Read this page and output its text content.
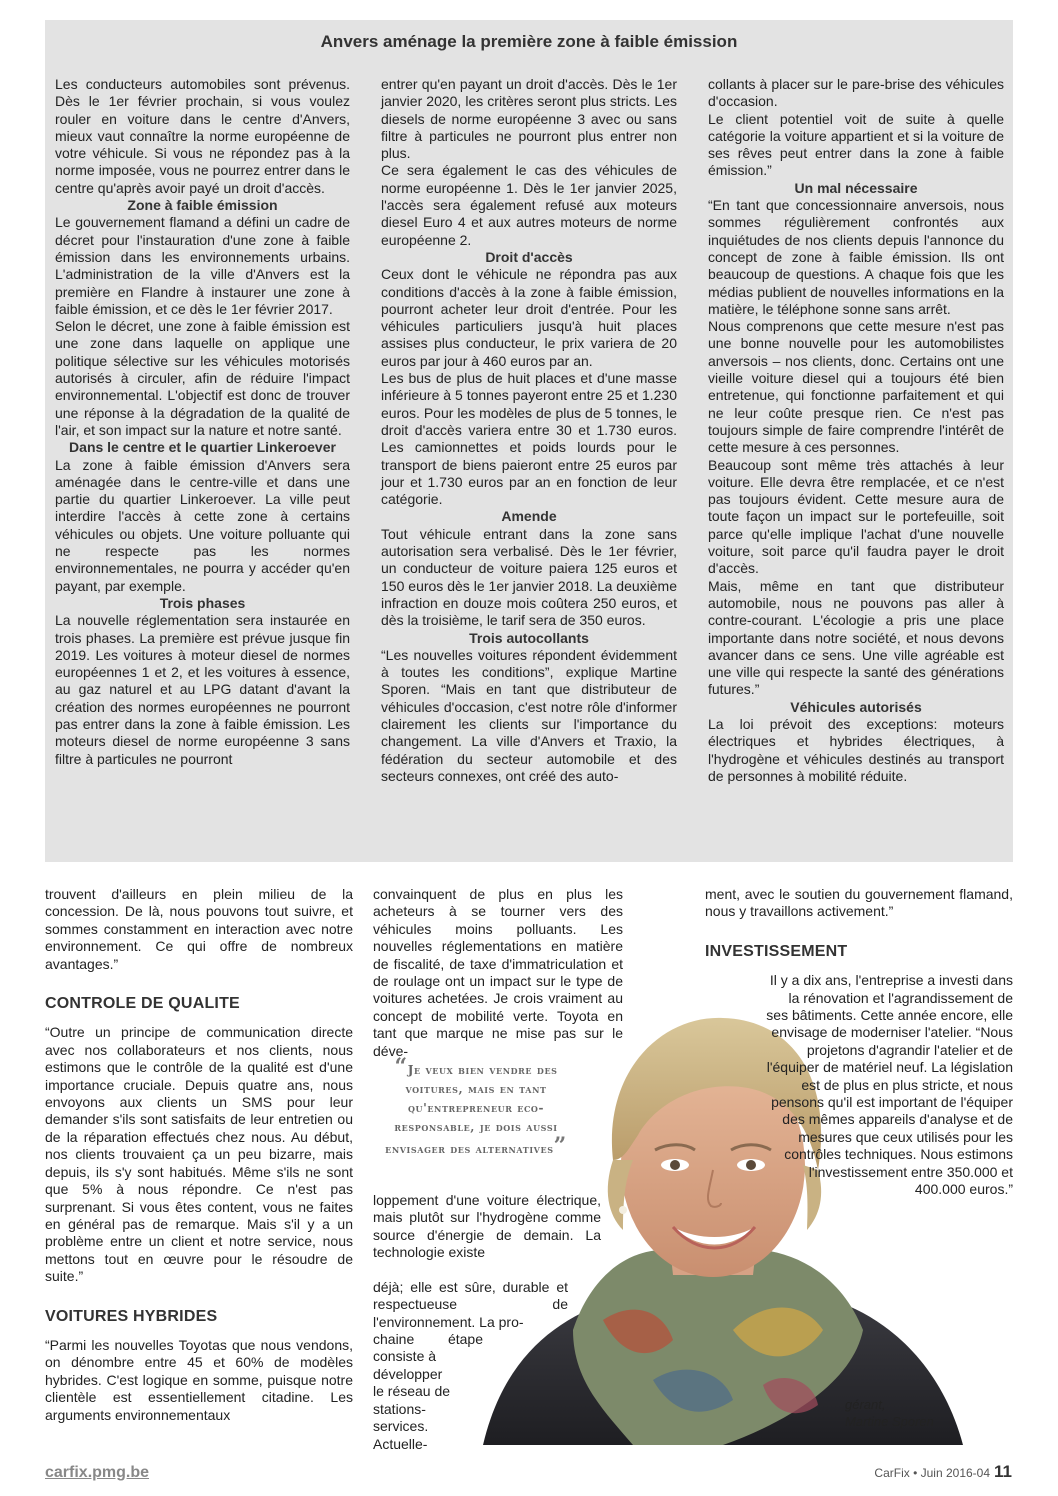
Anvers aménage la première zone à faible émission

Les conducteurs automobiles sont prévenus. Dès le 1er février prochain, si vous voulez rouler en voiture dans le centre d'Anvers, mieux vaut connaître la norme européenne de votre véhicule. Si vous ne répondez pas à la norme imposée, vous ne pourrez entrer dans le centre qu'après avoir payé un droit d'accès.

Zone à faible émission

Le gouvernement flamand a défini un cadre de décret pour l'instauration d'une zone à faible émission dans les environnements urbains. L'administration de la ville d'Anvers est la première en Flandre à instaurer une zone à faible émission, et ce dès le 1er février 2017.

Selon le décret, une zone à faible émission est une zone dans laquelle on applique une politique sélective sur les véhicules motorisés autorisés à circuler, afin de réduire l'impact environnemental. L'objectif est donc de trouver une réponse à la dégradation de la qualité de l'air, et son impact sur la nature et notre santé.

Dans le centre et le quartier Linkeroever

La zone à faible émission d'Anvers sera aménagée dans le centre-ville et dans une partie du quartier Linkeroever. La ville peut interdire l'accès à cette zone à certains véhicules ou objets. Une voiture polluante qui ne respecte pas les normes environnementales, ne pourra y accéder qu'en payant, par exemple.

Trois phases

La nouvelle réglementation sera instaurée en trois phases. La première est prévue jusque fin 2019. Les voitures à moteur diesel de normes européennes 1 et 2, et les voitures à essence, au gaz naturel et au LPG datant d'avant la création des normes européennes ne pourront pas entrer dans la zone à faible émission. Les moteurs diesel de norme européenne 3 sans filtre à particules ne pourront

entrer qu'en payant un droit d'accès. Dès le 1er janvier 2020, les critères seront plus stricts. Les diesels de norme européenne 3 avec ou sans filtre à particules ne pourront plus entrer non plus.

Ce sera également le cas des véhicules de norme européenne 1. Dès le 1er janvier 2025, l'accès sera également refusé aux moteurs diesel Euro 4 et aux autres moteurs de norme européenne 2.

Droit d'accès

Ceux dont le véhicule ne répondra pas aux conditions d'accès à la zone à faible émission, pourront acheter leur droit d'entrée. Pour les véhicules particuliers jusqu'à huit places assises plus conducteur, le prix variera de 20 euros par jour à 460 euros par an.

Les bus de plus de huit places et d'une masse inférieure à 5 tonnes payeront entre 25 et 1.230 euros. Pour les modèles de plus de 5 tonnes, le droit d'accès variera entre 30 et 1.730 euros. Les camionnettes et poids lourds pour le transport de biens paieront entre 25 euros par jour et 1.730 euros par an en fonction de leur catégorie.

Amende

Tout véhicule entrant dans la zone sans autorisation sera verbalisé. Dès le 1er février, un conducteur de voiture paiera 125 euros et 150 euros dès le 1er janvier 2018. La deuxième infraction en douze mois coûtera 250 euros, et dès la troisième, le tarif sera de 350 euros.

Trois autocollants

“Les nouvelles voitures répondent évidemment à toutes les conditions”, explique Martine Sporen. “Mais en tant que distributeur de véhicules d'occasion, c'est notre rôle d'informer clairement les clients sur l'importance du changement. La ville d'Anvers et Traxio, la fédération du secteur automobile et des secteurs connexes, ont créé des auto-

collants à placer sur le pare-brise des véhicules d'occasion.

Le client potentiel voit de suite à quelle catégorie la voiture appartient et si la voiture de ses rêves peut entrer dans la zone à faible émission.”

Un mal nécessaire

“En tant que concessionnaire anversois, nous sommes régulièrement confrontés aux inquiétudes de nos clients depuis l'annonce du concept de zone à faible émission. Ils ont beaucoup de questions. A chaque fois que les médias publient de nouvelles informations en la matière, le téléphone sonne sans arrêt.

Nous comprenons que cette mesure n'est pas une bonne nouvelle pour les automobilistes anversois – nos clients, donc. Certains ont une vieille voiture diesel qui a toujours été bien entretenue, qui fonctionne parfaitement et qui ne leur coûte presque rien. Ce n'est pas toujours simple de faire comprendre l'intérêt de cette mesure à ces personnes.

Beaucoup sont même très attachés à leur voiture. Elle devra être remplacée, et ce n'est pas toujours évident. Cette mesure aura de toute façon un impact sur le portefeuille, soit parce qu'elle implique l'achat d'une nouvelle voiture, soit parce qu'il faudra payer le droit d'accès.

Mais, même en tant que distributeur automobile, nous ne pouvons pas aller à contre-courant. L'écologie a pris une place importante dans notre société, et nous devons avancer dans ce sens. Une ville agréable est une ville qui respecte la santé des générations futures.”

Véhicules autorisés

La loi prévoit des exceptions: moteurs électriques et hybrides électriques, à l'hydrogène et véhicules destinés au transport de personnes à mobilité réduite.

trouvent d'ailleurs en plein milieu de la concession. De là, nous pouvons tout suivre, et sommes constamment en interaction avec notre environnement. Ce qui offre de nombreux avantages.”

CONTROLE DE QUALITE

“Outre un principe de communication directe avec nos collaborateurs et nos clients, nous estimons que le contrôle de la qualité est d'une importance cruciale. Depuis quatre ans, nous envoyons aux clients un SMS pour leur demander s'ils sont satisfaits de leur entretien ou de la réparation effectués chez nous. Au début, nos clients trouvaient ça un peu bizarre, mais depuis, ils s'y sont habitués. Même s'ils ne sont que 5% à nous répondre. Ce n'est pas surprenant. Si vous êtes content, vous ne faites en général pas de remarque. Mais s'il y a un problème entre un client et notre service, nous mettons tout en œuvre pour le résoudre de suite.”

VOITURES HYBRIDES

“Parmi les nouvelles Toyotas que nous vendons, on dénombre entre 45 et 60% de modèles hybrides. C'est logique en somme, puisque notre clientèle est essentiellement citadine. Les arguments environnementaux

convainquent de plus en plus les acheteurs à se tourner vers des véhicules moins polluants. Les nouvelles réglementations en matière de fiscalité, de taxe d'immatriculation et de roulage ont un impact sur le type de voitures achetées. Je crois vraiment au concept de mobilité verte. Toyota en tant que marque ne mise pas sur le déve-

“Je veux bien vendre des voitures, mais en tant qu'entrepreneur eco-responsable, je dois aussi envisager des alternatives”

loppement d'une voiture électrique, mais plutôt sur l'hydrogène comme source d'énergie de demain. La technologie existe

déjà; elle est sûre, durable et respectueuse de l'environnement. La pro-

chaine étape consiste à

développer le réseau de stations-services. Actuelle-

ment, avec le soutien du gouvernement flamand, nous y travaillons activement.”

INVESTISSEMENT

Il y a dix ans, l'entreprise a investi dans la rénovation et l'agrandissement de ses bâtiments. Cette année encore, elle envisage de moderniser l'atelier. “Nous projetons d'agrandir l'atelier et de l'équiper de matériel neuf. La législation est de plus en plus stricte, et nous pensons qu'il est important de l'équiper des mêmes appareils d'analyse et de mesures que ceux utilisés pour les contrôles techniques. Nous estimons l'investissement entre 350.000 et 400.000 euros.”

gérant,
Martine Sporen
carfix.pmg.be	CarFix • Juin 2016-04 11
